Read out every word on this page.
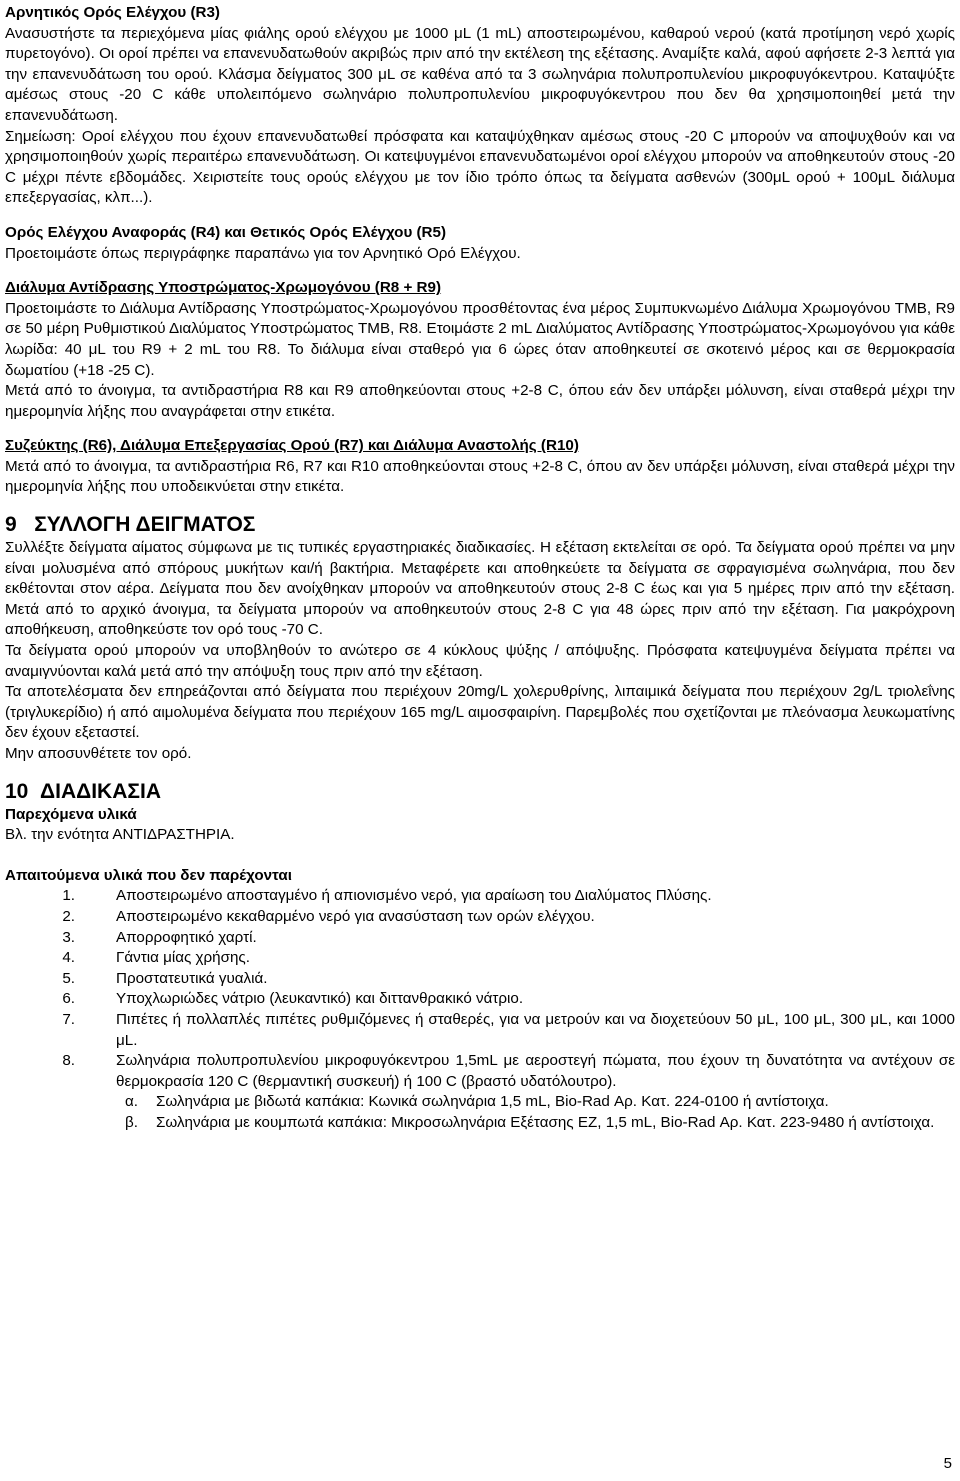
Αρνητικός Ορός Ελέγχου (R3)

Ανασυστήστε τα περιεχόμενα μίας φιάλης ορού ελέγχου με 1000 μL (1 mL) αποστειρωμένου, καθαρού νερού (κατά προτίμηση νερό χωρίς πυρετογόνο). Οι οροί πρέπει να επανενυδατωθούν ακριβώς πριν από την εκτέλεση της εξέτασης. Αναμίξτε καλά, αφού αφήσετε 2-3 λεπτά για την επανενυδάτωση του ορού. Κλάσμα δείγματος 300 μL σε καθένα από τα 3 σωληνάρια πολυπροπυλενίου μικροφυγόκεντρου. Καταψύξτε αμέσως στους -20 C κάθε υπολειπόμενο σωληνάριο πολυπροπυλενίου μικροφυγόκεντρου που δεν θα χρησιμοποιηθεί μετά την επανενυδάτωση.

Σημείωση: Οροί ελέγχου που έχουν επανενυδατωθεί πρόσφατα και καταψύχθηκαν αμέσως στους -20 C μπορούν να αποψυχθούν και να χρησιμοποιηθούν χωρίς περαιτέρω επανενυδάτωση. Οι κατεψυγμένοι επανενυδατωμένοι οροί ελέγχου μπορούν να αποθηκευτούν στους -20 C μέχρι πέντε εβδομάδες. Χειριστείτε τους ορούς ελέγχου με τον ίδιο τρόπο όπως τα δείγματα ασθενών (300μL ορού + 100μL διάλυμα επεξεργασίας, κλπ...).

Ορός Ελέγχου Αναφοράς (R4) και Θετικός Ορός Ελέγχου (R5)

Προετοιμάστε όπως περιγράφηκε παραπάνω για τον Αρνητικό Ορό Ελέγχου.

Διάλυμα Αντίδρασης Υποστρώματος-Χρωμογόνου (R8 + R9)

Προετοιμάστε το Διάλυμα Αντίδρασης Υποστρώματος-Χρωμογόνου προσθέτοντας ένα μέρος Συμπυκνωμένο Διάλυμα Χρωμογόνου TMB, R9 σε 50 μέρη Ρυθμιστικού Διαλύματος Υποστρώματος TMB, R8. Ετοιμάστε 2 mL Διαλύματος Αντίδρασης Υποστρώματος-Χρωμογόνου για κάθε λωρίδα: 40 μL του R9 + 2 mL του R8. Το διάλυμα είναι σταθερό για 6 ώρες όταν αποθηκευτεί σε σκοτεινό μέρος και σε θερμοκρασία δωματίου (+18 -25 C).

Μετά από το άνοιγμα, τα αντιδραστήρια R8 και R9 αποθηκεύονται στους +2-8 C, όπου εάν δεν υπάρξει μόλυνση, είναι σταθερά μέχρι την ημερομηνία λήξης που αναγράφεται στην ετικέτα.

Συζεύκτης (R6), Διάλυμα Επεξεργασίας Ορού (R7) και Διάλυμα Αναστολής (R10)

Μετά από το άνοιγμα, τα αντιδραστήρια R6, R7 και R10 αποθηκεύονται στους +2-8 C, όπου αν δεν υπάρξει μόλυνση, είναι σταθερά μέχρι την ημερομηνία λήξης που υποδεικνύεται στην ετικέτα.

9 ΣΥΛΛΟΓΗ ΔΕΙΓΜΑΤΟΣ

Συλλέξτε δείγματα αίματος σύμφωνα με τις τυπικές εργαστηριακές διαδικασίες. Η εξέταση εκτελείται σε ορό. Τα δείγματα ορού πρέπει να μην είναι μολυσμένα από σπόρους μυκήτων και/ή βακτήρια. Μεταφέρετε και αποθηκεύετε τα δείγματα σε σφραγισμένα σωληνάρια, που δεν εκθέτονται στον αέρα. Δείγματα που δεν ανοίχθηκαν μπορούν να αποθηκευτούν στους 2-8 C έως και για 5 ημέρες πριν από την εξέταση. Μετά από το αρχικό άνοιγμα, τα δείγματα μπορούν να αποθηκευτούν στους 2-8 C για 48 ώρες πριν από την εξέταση. Για μακρόχρονη αποθήκευση, αποθηκεύστε τον ορό τους -70 C.

Τα δείγματα ορού μπορούν να υποβληθούν το ανώτερο σε 4 κύκλους ψύξης / απόψυξης. Πρόσφατα κατεψυγμένα δείγματα πρέπει να αναμιγνύονται καλά μετά από την απόψυξη τους πριν από την εξέταση.

Τα αποτελέσματα δεν επηρεάζονται από δείγματα που περιέχουν 20mg/L χολερυθρίνης, λιπαιμικά δείγματα που περιέχουν 2g/L τριολεΐνης (τριγλυκερίδιο) ή από αιμολυμένα δείγματα που περιέχουν 165 mg/L αιμοσφαιρίνη. Παρεμβολές που σχετίζονται με πλεόνασμα λευκωματίνης δεν έχουν εξεταστεί.

Μην αποσυνθέτετε τον ορό.

10 ΔΙΑΔΙΚΑΣΙΑ

Παρεχόμενα υλικά

Βλ. την ενότητα ΑΝΤΙΔΡΑΣΤΗΡΙΑ.

Απαιτούμενα υλικά που δεν παρέχονται

1.	Αποστειρωμένο αποσταγμένο ή απιονισμένο νερό, για αραίωση του Διαλύματος Πλύσης.
2.	Αποστειρωμένο κεκαθαρμένο νερό για ανασύσταση των ορών ελέγχου.
3.	Απορροφητικό χαρτί.
4.	Γάντια μίας χρήσης.
5.	Προστατευτικά γυαλιά.
6.	Υποχλωριώδες νάτριο (λευκαντικό) και διττανθρακικό νάτριο.
7.	Πιπέτες ή πολλαπλές πιπέτες ρυθμιζόμενες ή σταθερές, για να μετρούν και να διοχετεύουν 50 μL, 100 μL, 300 μL, και 1000 μL.
8.	Σωληνάρια πολυπροπυλενίου μικροφυγόκεντρου 1,5mL με αεροστεγή πώματα, που έχουν τη δυνατότητα να αντέχουν σε θερμοκρασία 120 C (θερμαντική συσκευή) ή 100 C (βραστό υδατόλουτρο).
α.	Σωληνάρια με βιδωτά καπάκια: Κωνικά σωληνάρια 1,5 mL, Bio-Rad Αρ. Κατ. 224-0100 ή αντίστοιχα.
β.	Σωληνάρια με κουμπωτά καπάκια: Μικροσωληνάρια Εξέτασης EZ, 1,5 mL, Bio-Rad Αρ. Κατ. 223-9480 ή αντίστοιχα.
5
